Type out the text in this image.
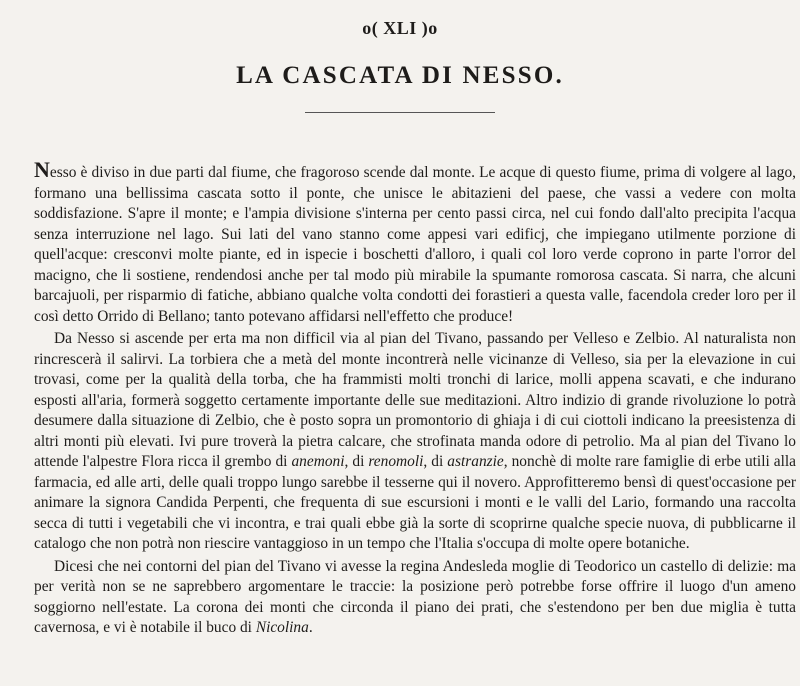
o( XLI )o
LA CASCATA DI NESSO.

Nesso è diviso in due parti dal fiume, che fragoroso scende dal monte. Le acque di questo fiume, prima di volgere al lago, formano una bellissima cascata sotto il ponte, che unisce le abitazieni del paese, che vassi a vedere con molta soddisfazione. S'apre il monte; e l'ampia divisione s'interna per cento passi circa, nel cui fondo dall'alto precipita l'acqua senza interruzione nel lago. Sui lati del vano stanno come appesi vari edificj, che impiegano utilmente porzione di quell'acque: cresconvi molte piante, ed in ispecie i boschetti d'alloro, i quali col loro verde coprono in parte l'orror del macigno, che li sostiene, rendendosi anche per tal modo più mirabile la spumante romorosa cascata. Si narra, che alcuni barcajuoli, per risparmio di fatiche, abbiano qualche volta condotti dei forastieri a questa valle, facendola creder loro per il così detto Orrido di Bellano; tanto potevano affidarsi nell'effetto che produce!

Da Nesso si ascende per erta ma non difficil via al pian del Tivano, passando per Velleso e Zelbio. Al naturalista non rincrescerà il salirvi. La torbiera che a metà del monte incontrerà nelle vicinanze di Velleso, sia per la elevazione in cui trovasi, come per la qualità della torba, che ha frammisti molti tronchi di larice, molli appena scavati, e che indurano esposti all'aria, formerà soggetto certamente importante delle sue meditazioni. Altro indizio di grande rivoluzione lo potrà desumere dalla situazione di Zelbio, che è posto sopra un promontorio di ghiaja i di cui ciottoli indicano la preesistenza di altri monti più elevati. Ivi pure troverà la pietra calcare, che strofinata manda odore di petrolio. Ma al pian del Tivano lo attende l'alpestre Flora ricca il grembo di anemoni, di renomoli, di astranzie, nonchè di molte rare famiglie di erbe utili alla farmacia, ed alle arti, delle quali troppo lungo sarebbe il tesserne qui il novero. Approfitteremo bensì di quest'occasione per animare la signora Candida Perpenti, che frequenta di sue escursioni i monti e le valli del Lario, formando una raccolta secca di tutti i vegetabili che vi incontra, e trai quali ebbe già la sorte di scoprirne qualche specie nuova, di pubblicarne il catalogo che non potrà non riescire vantaggioso in un tempo che l'Italia s'occupa di molte opere botaniche.

Dicesi che nei contorni del pian del Tivano vi avesse la regina Andesleda moglie di Teodorico un castello di delizie: ma per verità non se ne saprebbero argomentare le traccie: la posizione però potrebbe forse offrire il luogo d'un ameno soggiorno nell'estate. La corona dei monti che circonda il piano dei prati, che s'estendono per ben due miglia è tutta cavernosa, e vi è notabile il buco di Nicolina.
